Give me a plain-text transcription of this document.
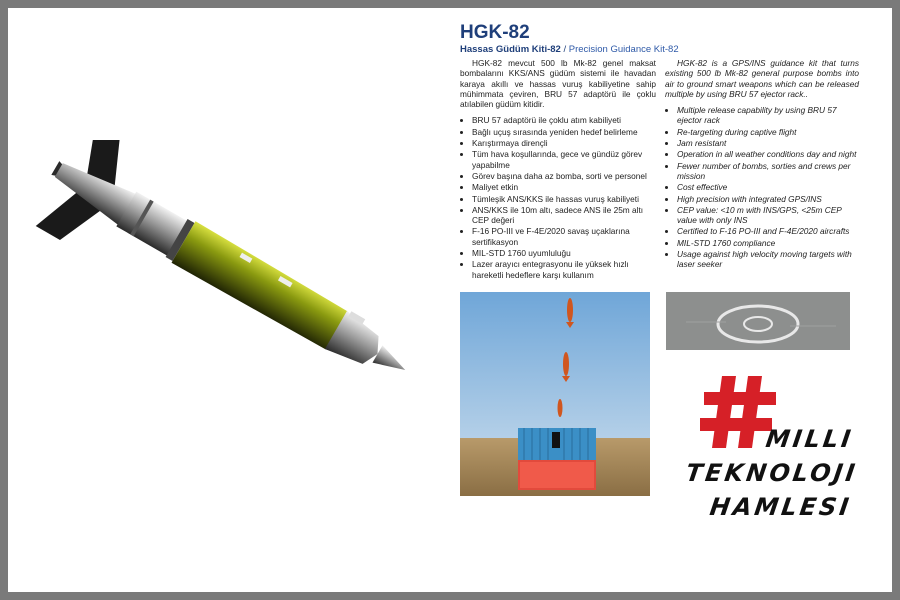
HGK-82
Hassas Güdüm Kiti-82 / Precision Guidance Kit-82

HGK-82 mevcut 500 lb Mk-82 genel maksat bombalarını KKS/ANS güdüm sistemi ile havadan karaya akıllı ve hassas vuruş kabiliyetine sahip mühimmata çeviren, BRU 57 adaptörü ile çoklu atılabilen güdüm kitidir.

• BRU 57 adaptörü ile çoklu atım kabiliyeti
• Bağlı uçuş sırasında yeniden hedef belirleme
• Karıştırmaya dirençli
• Tüm hava koşullarında, gece ve gündüz görev yapabilme
• Görev başına daha az bomba, sorti ve personel
• Maliyet etkin
• Tümleşik ANS/KKS ile hassas vuruş kabiliyeti
• ANS/KKS ile 10m altı, sadece ANS ile 25m altı CEP değeri
• F-16 PO-III ve F-4E/2020 savaş uçaklarına sertifikasyon
• MIL-STD 1760 uyumluluğu
• Lazer arayıcı entegrasyonu ile yüksek hızlı hareketli hedeflere karşı kullanım

HGK-82 is a GPS/INS guidance kit that turns existing 500 lb Mk-82 general purpose bombs into air to ground smart weapons which can be released multiple by using BRU 57 ejector rack..

• Multiple release capability by using BRU 57 ejector rack
• Re-targeting during captive flight
• Jam resistant
• Operation in all weather conditions day and night
• Fewer number of bombs, sorties and crews per mission
• Cost effective
• High precision with integrated GPS/INS
• CEP value: <10 m with INS/GPS, <25m CEP value with only INS
• Certified to F-16 PO-III and F-4E/2020 aircrafts
• MIL-STD 1760 compliance
• Usage against high velocity moving targets with laser seeker
MILLI
TEKNOLOJI
HAMLESI
